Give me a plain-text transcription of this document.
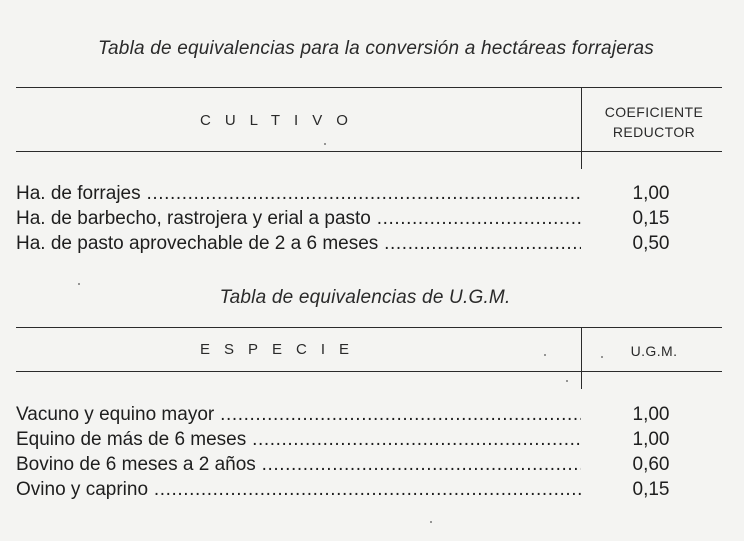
Tabla de equivalencias para la conversión a hectáreas forrajeras
CULTIVO	COEFICIENTE
REDUCTOR
Ha. de forrajes .....	1,00
Ha. de barbecho, rastrojera y erial a pasto .....	0,15
Ha. de pasto aprovechable de 2 a 6 meses .....	0,50
Tabla de equivalencias de U.G.M.
ESPECIE	U.G.M.
Vacuno y equino mayor .....	1,00
Equino de más de 6 meses .....	1,00
Bovino de 6 meses a 2 años .....	0,60
Ovino y caprino .....	0,15
